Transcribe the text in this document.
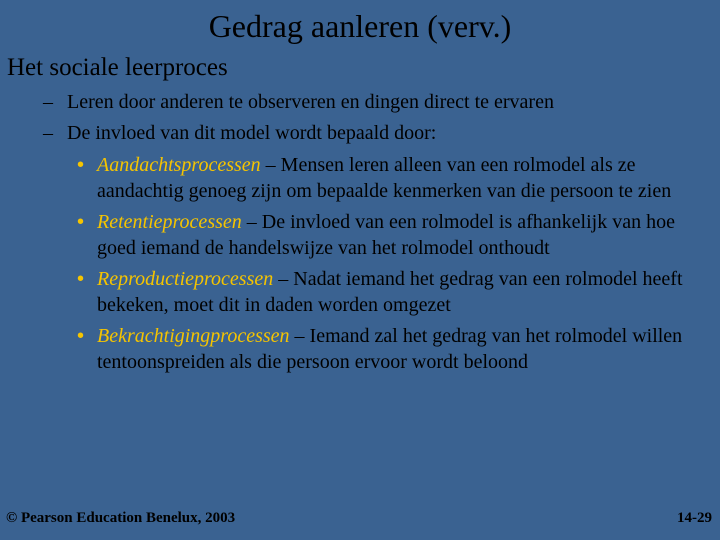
Gedrag aanleren (verv.)
Het sociale leerproces
– Leren door anderen te observeren en dingen direct te ervaren
– De invloed van dit model wordt bepaald door:
• Aandachtsprocessen – Mensen leren alleen van een rolmodel als ze aandachtig genoeg zijn om bepaalde kenmerken van die persoon te zien
• Retentieprocessen – De invloed van een rolmodel is afhankelijk van hoe goed iemand de handelswijze van het rolmodel onthoudt
• Reproductieprocessen – Nadat iemand het gedrag van een rolmodel heeft bekeken, moet dit in daden worden omgezet
• Bekrachtigingprocessen – Iemand zal het gedrag van het rolmodel willen tentoonspreiden als die persoon ervoor wordt beloond
© Pearson Education Benelux, 2003	14-29
